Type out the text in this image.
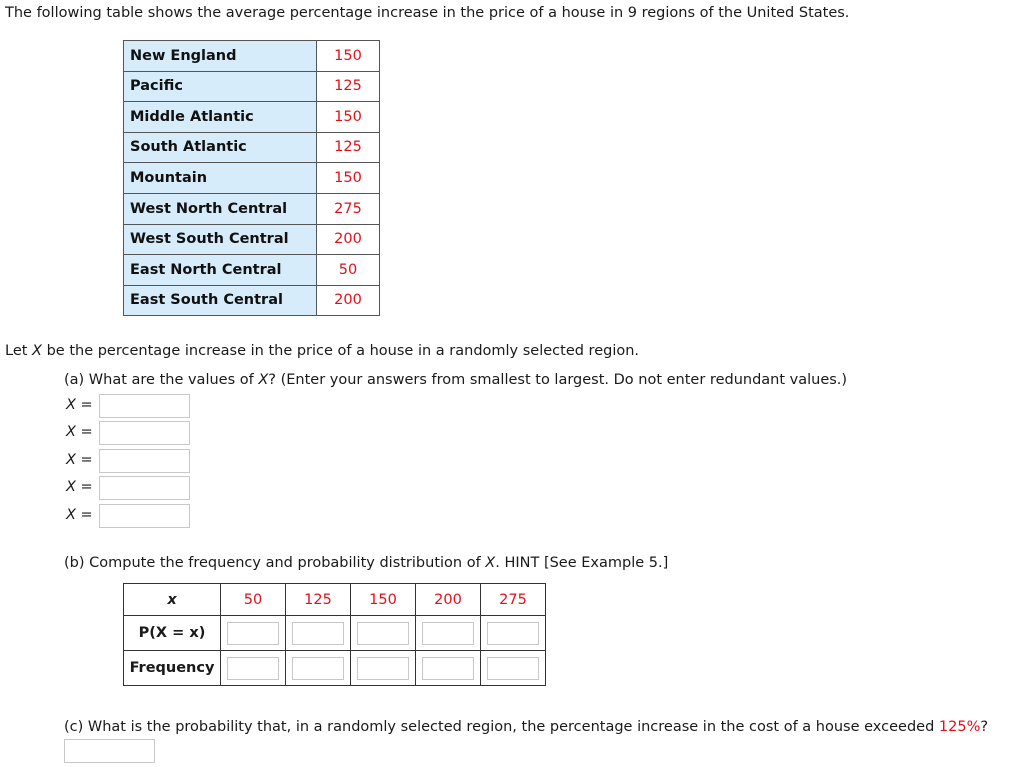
The following table shows the average percentage increase in the price of a house in 9 regions of the United States.
New England	150
Pacific	125
Middle Atlantic	150
South Atlantic	125
Mountain	150
West North Central	275
West South Central	200
East North Central	50
East South Central	200
Let X be the percentage increase in the price of a house in a randomly selected region.
(a) What are the values of X? (Enter your answers from smallest to largest. Do not enter redundant values.)
X =
X =
X =
X =
X =
(b) Compute the frequency and probability distribution of X. HINT [See Example 5.]
x	50	125	150	200	275
P(X = x)					
Frequency					
(c) What is the probability that, in a randomly selected region, the percentage increase in the cost of a house exceeded 125%?
